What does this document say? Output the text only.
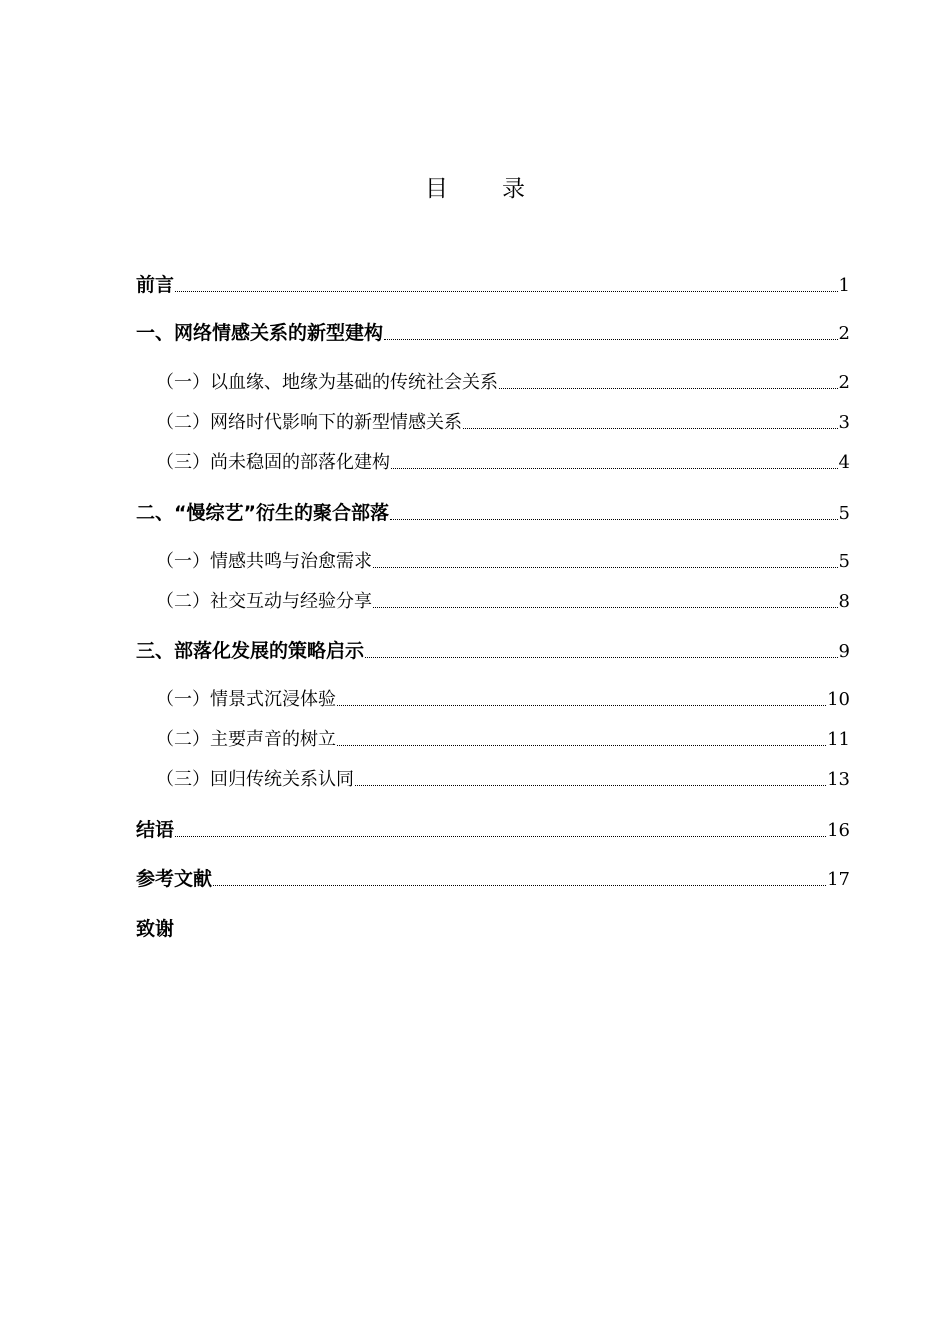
目 录
前言	1
一、网络情感关系的新型建构	2
（一）以血缘、地缘为基础的传统社会关系	2
（二）网络时代影响下的新型情感关系	3
（三）尚未稳固的部落化建构	4
二、“慢综艺”衍生的聚合部落	5
（一）情感共鸣与治愈需求	5
（二）社交互动与经验分享	8
三、部落化发展的策略启示	9
（一）情景式沉浸体验	10
（二）主要声音的树立	11
（三）回归传统关系认同	13
结语	16
参考文献	17
致谢
